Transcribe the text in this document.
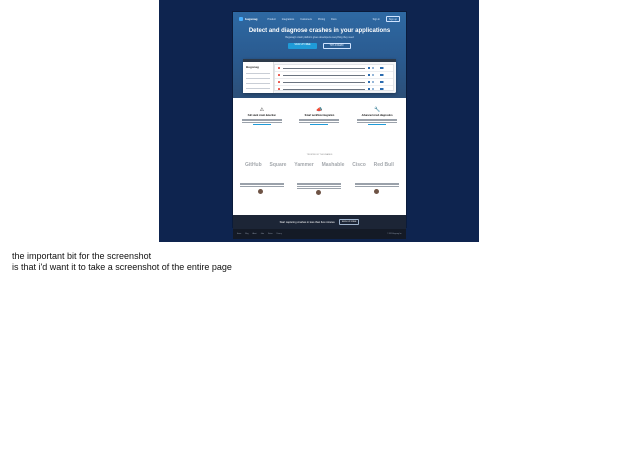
bugsnag	Product	Integrations	Customers	Pricing	Docs	Sign in	Sign up
Detect and diagnose crashes in your applications
Bugsnag's crash platform gives developers everything they need
SIGN UP FREE	TRY A DEMO
Bugsnag
⚠
Full stack crash detection
📣
Smart workflow integration
🔧
Advanced crash diagnostics
TRUSTED BY THOUSANDS
GitHub Square Yammer Mashable Cisco Red Bull
Start capturing crashes in less than five minutes	SIGN UP FREE
Home	Blog	About	Jobs	Status	Privacy	© 2015 Bugsnag Inc.
the important bit for the screenshot
is that i'd want it to take a screenshot of the entire page
